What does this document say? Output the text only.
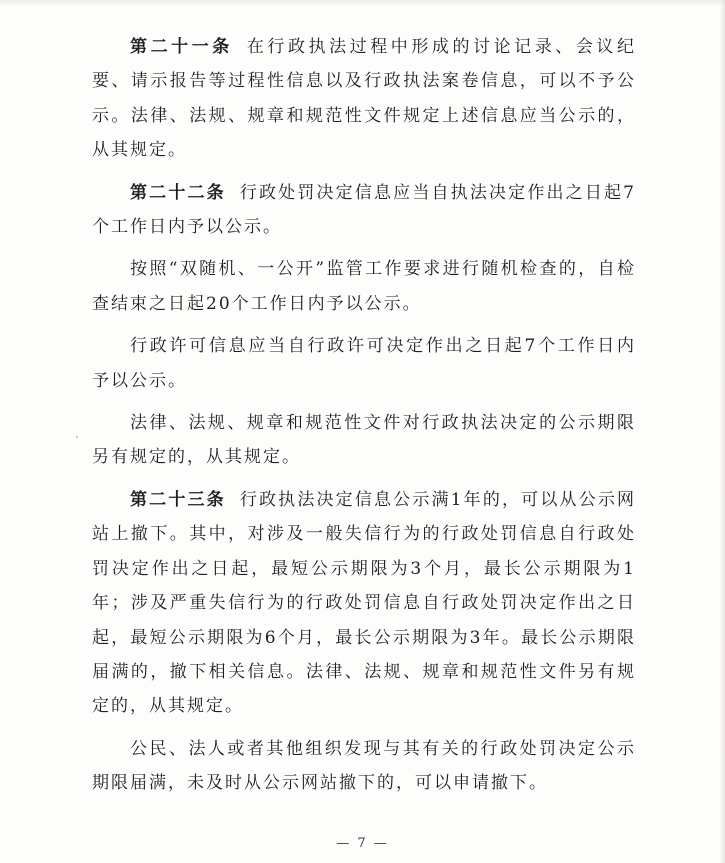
第二十一条 在行政执法过程中形成的讨论记录、会议纪要、请示报告等过程性信息以及行政执法案卷信息，可以不予公示。法律、法规、规章和规范性文件规定上述信息应当公示的，从其规定。

第二十二条 行政处罚决定信息应当自执法决定作出之日起7个工作日内予以公示。

按照“双随机、一公开”监管工作要求进行随机检查的，自检查结束之日起20个工作日内予以公示。

行政许可信息应当自行政许可决定作出之日起7个工作日内予以公示。

法律、法规、规章和规范性文件对行政执法决定的公示期限另有规定的，从其规定。

第二十三条 行政执法决定信息公示满1年的，可以从公示网站上撤下。其中，对涉及一般失信行为的行政处罚信息自行政处罚决定作出之日起，最短公示期限为3个月，最长公示期限为1年；涉及严重失信行为的行政处罚信息自行政处罚决定作出之日起，最短公示期限为6个月，最长公示期限为3年。最长公示期限届满的，撤下相关信息。法律、法规、规章和规范性文件另有规定的，从其规定。

公民、法人或者其他组织发现与其有关的行政处罚决定公示期限届满，未及时从公示网站撤下的，可以申请撤下。

— 7 —
